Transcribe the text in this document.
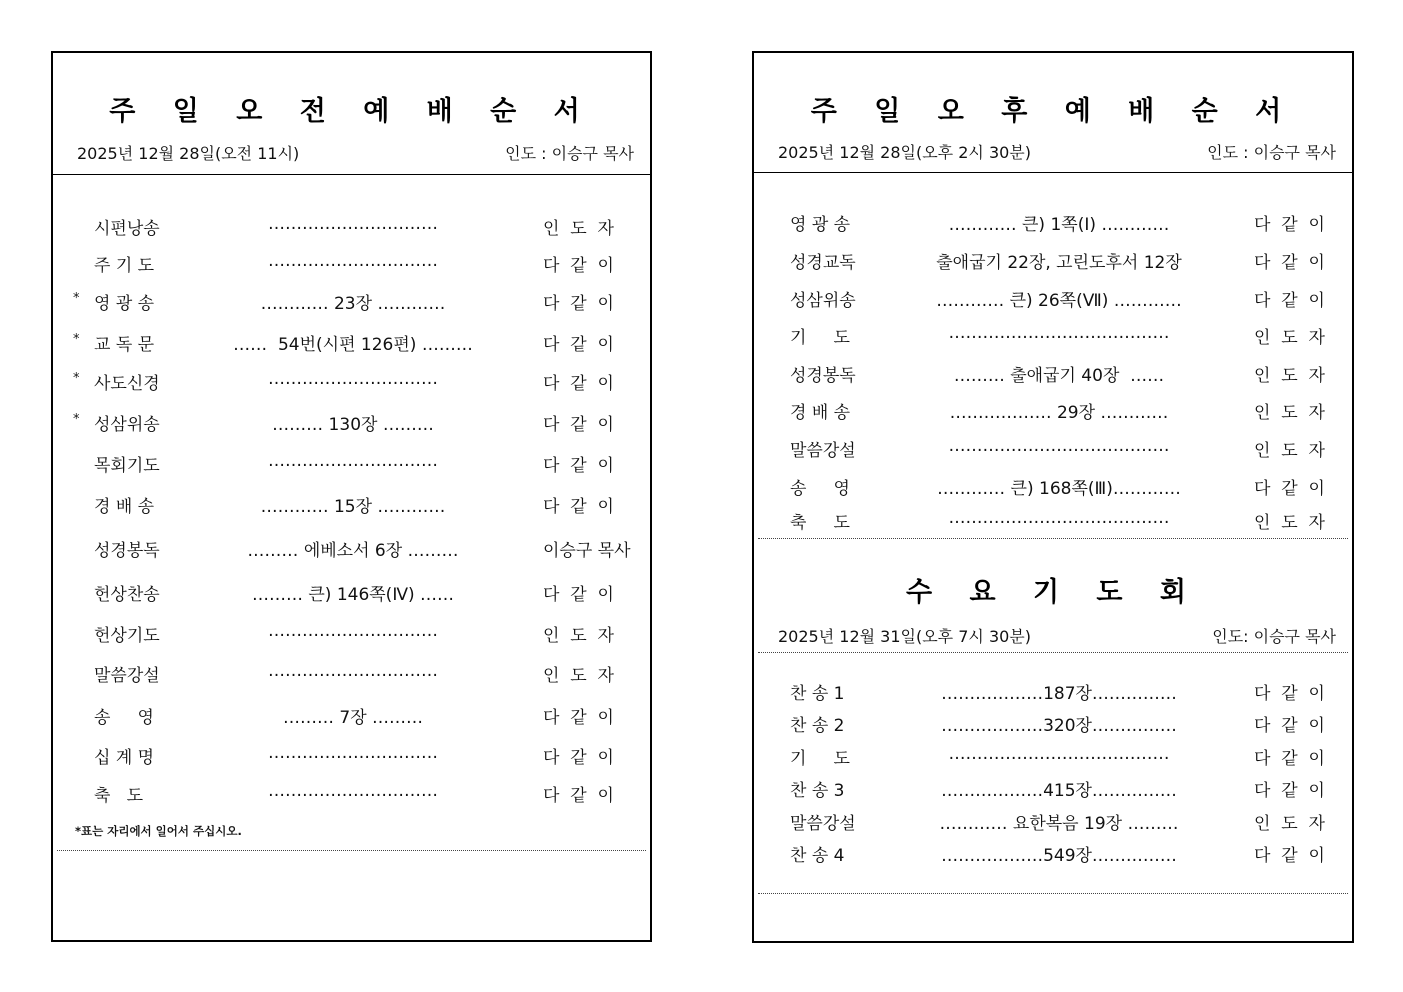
주 일 오 전 예 배 순 서
2025년 12월 28일(오전 11시)	인도 : 이승구 목사
시편낭송	…………………………	인  도  자
주 기 도	…………………………	다  같  이
* 영 광 송	………… 23장 …………	다  같  이
* 교 독 문	……  54번(시편 126편) ………	다  같  이
* 사도신경	…………………………	다  같  이
* 성삼위송	……… 130장 ………	다  같  이
목회기도	…………………………	다  같  이
경 배 송	………… 15장 …………	다  같  이
성경봉독	……… 에베소서 6장 ………	이승구 목사
헌상찬송	……… 큰) 146쪽(Ⅳ) ……	다  같  이
헌상기도	…………………………	인  도  자
말씀강설	…………………………	인  도  자
송     영	……… 7장 ………	다  같  이
십 계 명	…………………………	다  같  이
축   도	…………………………	다  같  이
*표는 자리에서 일어서 주십시오.
주 일 오 후 예 배 순 서
2025년 12월 28일(오후 2시 30분)	인도 : 이승구 목사
영 광 송	………… 큰) 1쪽(Ⅰ) …………	다  같  이
성경교독	출애굽기 22장, 고린도후서 12장	다  같  이
성삼위송	………… 큰) 26쪽(Ⅶ) …………	다  같  이
기     도	…………………………………	인  도  자
성경봉독	……… 출애굽기 40장  ……	인  도  자
경 배 송	……………… 29장 …………	인  도  자
말씀강설	…………………………………	인  도  자
송     영	………… 큰) 168쪽(Ⅲ)…………	다  같  이
축     도	…………………………………	인  도  자
수 요 기 도 회
2025년 12월 31일(오후 7시 30분)	인도: 이승구 목사
찬 송 1	………………187장……………	다  같  이
찬 송 2	………………320장……………	다  같  이
기     도	…………………………………	다  같  이
찬 송 3	………………415장……………	다  같  이
말씀강설	………… 요한복음 19장 ………	인  도  자
찬 송 4	………………549장……………	다  같  이
